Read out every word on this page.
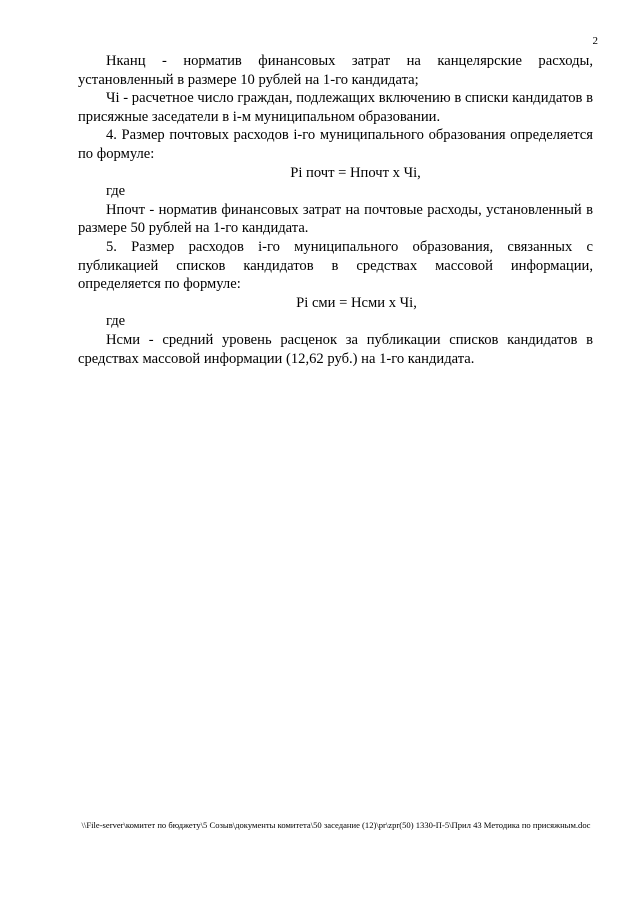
2

Нканц - норматив финансовых затрат на канцелярские расходы, установленный в размере 10 рублей на 1-го кандидата;

Чi - расчетное число граждан, подлежащих включению в списки кандидатов в присяжные заседатели в i-м муниципальном образовании.

4. Размер почтовых расходов i-го муниципального образования определяется по формуле:

Pi почт = Нпочт х Чi,

где

Нпочт - норматив финансовых затрат на почтовые расходы, установленный в размере 50 рублей на 1-го кандидата.

5. Размер расходов i-го муниципального образования, связанных с публикацией списков кандидатов в средствах массовой информации, определяется по формуле:

Pi сми = Нсми х Чi,

где

Нсми - средний уровень расценок за публикации списков кандидатов в средствах массовой информации (12,62 руб.) на 1-го кандидата.

\\File-server\комитет по бюджету\5 Созыв\документы комитета\50 заседание (12)\pr\zpr(50) 1330-П-5\Прил 43 Методика по присяжным.doc
